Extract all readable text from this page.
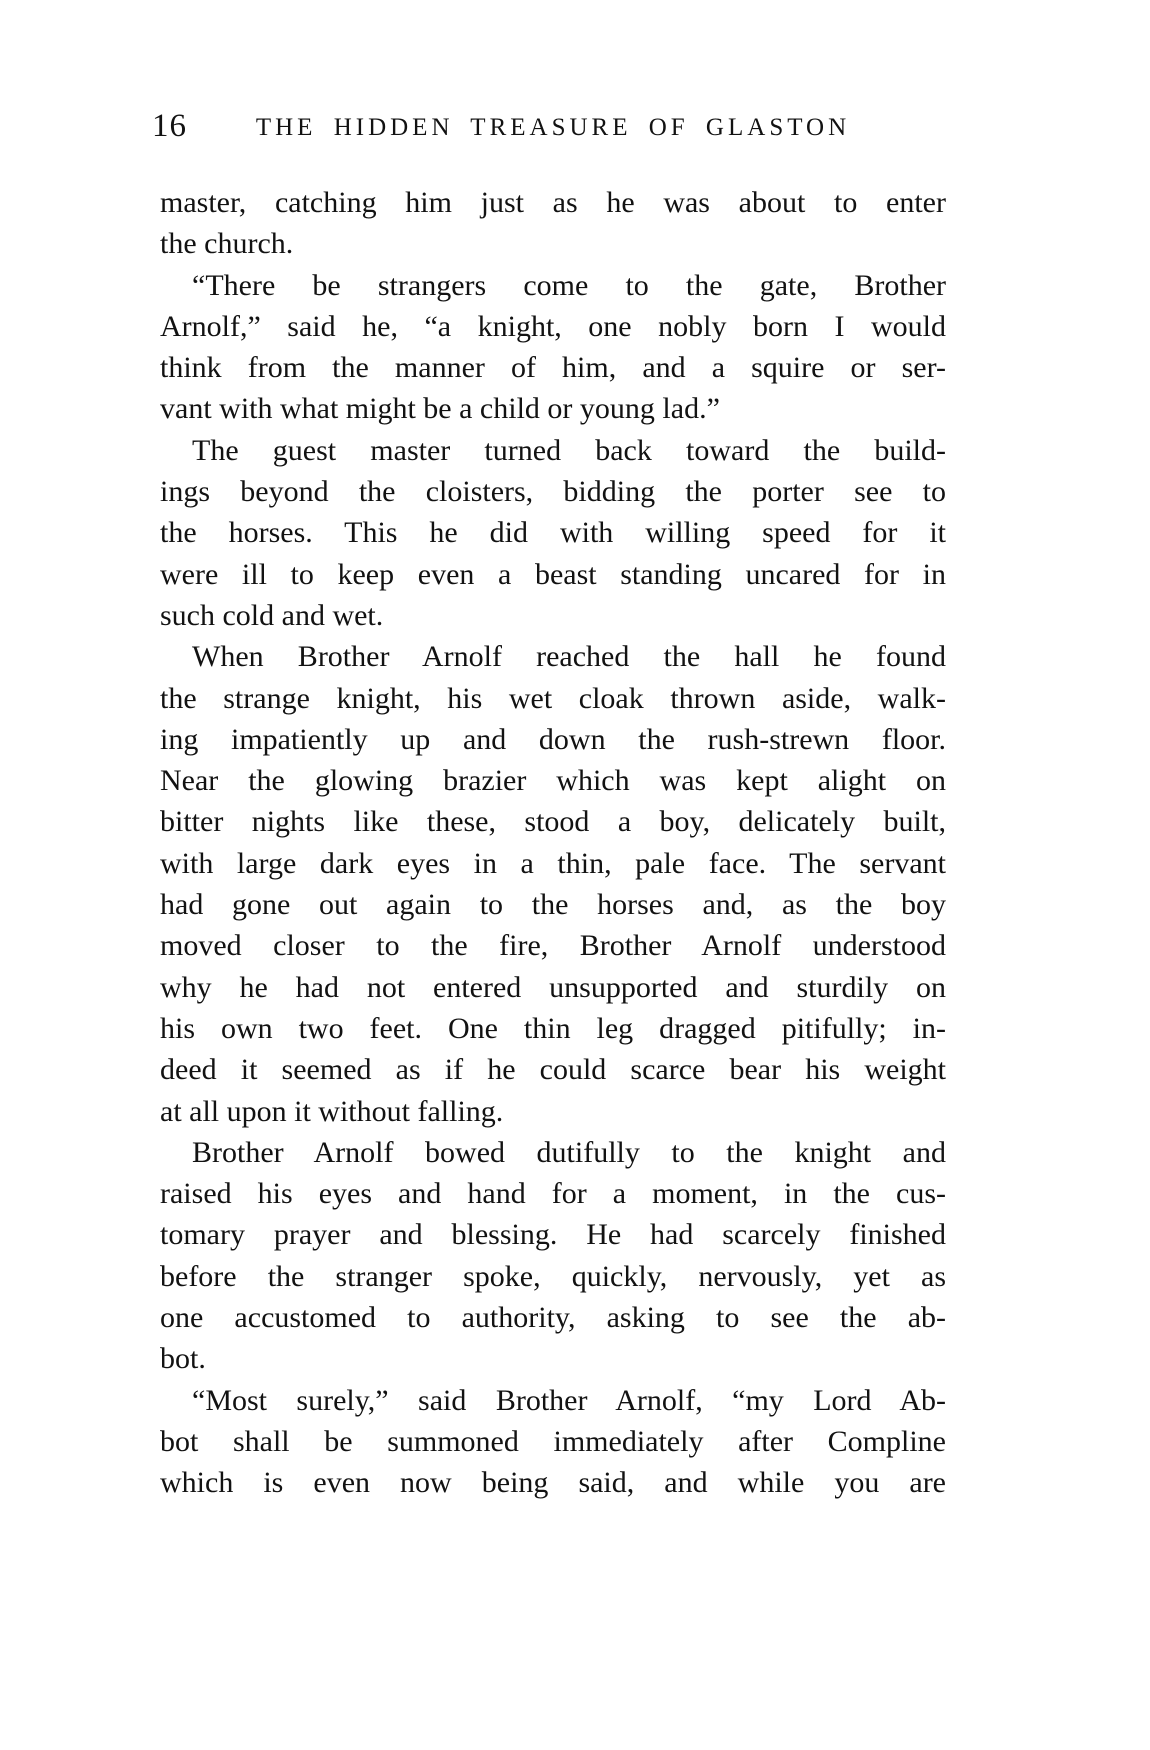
16	THE HIDDEN TREASURE OF GLASTON
master, catching him just as he was about to enter
the church.
“There be strangers come to the gate, Brother
Arnolf,” said he, “a knight, one nobly born I would
think from the manner of him, and a squire or ser-
vant with what might be a child or young lad.”
The guest master turned back toward the build-
ings beyond the cloisters, bidding the porter see to
the horses. This he did with willing speed for it
were ill to keep even a beast standing uncared for in
such cold and wet.
When Brother Arnolf reached the hall he found
the strange knight, his wet cloak thrown aside, walk-
ing impatiently up and down the rush-strewn floor.
Near the glowing brazier which was kept alight on
bitter nights like these, stood a boy, delicately built,
with large dark eyes in a thin, pale face. The servant
had gone out again to the horses and, as the boy
moved closer to the fire, Brother Arnolf understood
why he had not entered unsupported and sturdily on
his own two feet. One thin leg dragged pitifully; in-
deed it seemed as if he could scarce bear his weight
at all upon it without falling.
Brother Arnolf bowed dutifully to the knight and
raised his eyes and hand for a moment, in the cus-
tomary prayer and blessing. He had scarcely finished
before the stranger spoke, quickly, nervously, yet as
one accustomed to authority, asking to see the ab-
bot.
“Most surely,” said Brother Arnolf, “my Lord Ab-
bot shall be summoned immediately after Compline
which is even now being said, and while you are
